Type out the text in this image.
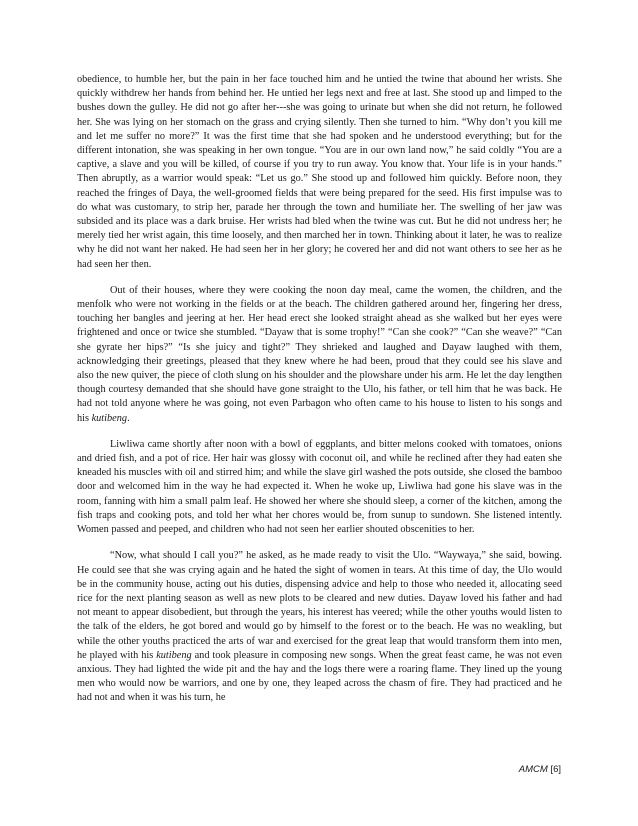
obedience, to humble her, but the pain in her face touched him and he untied the twine that abound her wrists. She quickly withdrew her hands from behind her. He untied her legs next and free at last. She stood up and limped to the bushes down the gulley. He did not go after her---she was going to urinate but when she did not return, he followed her. She was lying on her stomach on the grass and crying silently. Then she turned to him. “Why don’t you kill me and let me suffer no more?” It was the first time that she had spoken and he understood everything; but for the different intonation, she was speaking in her own tongue. “You are in our own land now,” he said coldly “You are a captive, a slave and you will be killed, of course if you try to run away. You know that. Your life is in your hands.” Then abruptly, as a warrior would speak: “Let us go.” She stood up and followed him quickly. Before noon, they reached the fringes of Daya, the well-groomed fields that were being prepared for the seed. His first impulse was to do what was customary, to strip her, parade her through the town and humiliate her. The swelling of her jaw was subsided and its place was a dark bruise. Her wrists had bled when the twine was cut. But he did not undress her; he merely tied her wrist again, this time loosely, and then marched her in town. Thinking about it later, he was to realize why he did not want her naked. He had seen her in her glory; he covered her and did not want others to see her as he had seen her then.

Out of their houses, where they were cooking the noon day meal, came the women, the children, and the menfolk who were not working in the fields or at the beach. The children gathered around her, fingering her dress, touching her bangles and jeering at her. Her head erect she looked straight ahead as she walked but her eyes were frightened and once or twice she stumbled. “Dayaw that is some trophy!” “Can she cook?” “Can she weave?” “Can she gyrate her hips?” “Is she juicy and tight?” They shrieked and laughed and Dayaw laughed with them, acknowledging their greetings, pleased that they knew where he had been, proud that they could see his slave and also the new quiver, the piece of cloth slung on his shoulder and the plowshare under his arm. He let the day lengthen though courtesy demanded that she should have gone straight to the Ulo, his father, or tell him that he was back. He had not told anyone where he was going, not even Parbagon who often came to his house to listen to his songs and his kutibeng.

Liwliwa came shortly after noon with a bowl of eggplants, and bitter melons cooked with tomatoes, onions and dried fish, and a pot of rice. Her hair was glossy with coconut oil, and while he reclined after they had eaten she kneaded his muscles with oil and stirred him; and while the slave girl washed the pots outside, she closed the bamboo door and welcomed him in the way he had expected it. When he woke up, Liwliwa had gone his slave was in the room, fanning with him a small palm leaf. He showed her where she should sleep, a corner of the kitchen, among the fish traps and cooking pots, and told her what her chores would be, from sunup to sundown. She listened intently. Women passed and peeped, and children who had not seen her earlier shouted obscenities to her.

“Now, what should I call you?” he asked, as he made ready to visit the Ulo. “Waywaya,” she said, bowing. He could see that she was crying again and he hated the sight of women in tears. At this time of day, the Ulo would be in the community house, acting out his duties, dispensing advice and help to those who needed it, allocating seed rice for the next planting season as well as new plots to be cleared and new duties. Dayaw loved his father and had not meant to appear disobedient, but through the years, his interest has veered; while the other youths would listen to the talk of the elders, he got bored and would go by himself to the forest or to the beach. He was no weakling, but while the other youths practiced the arts of war and exercised for the great leap that would transform them into men, he played with his kutibeng and took pleasure in composing new songs. When the great feast came, he was not even anxious. They had lighted the wide pit and the hay and the logs there were a roaring flame. They lined up the young men who would now be warriors, and one by one, they leaped across the chasm of fire. They had practiced and he had not and when it was his turn, he

AMCM [6]
